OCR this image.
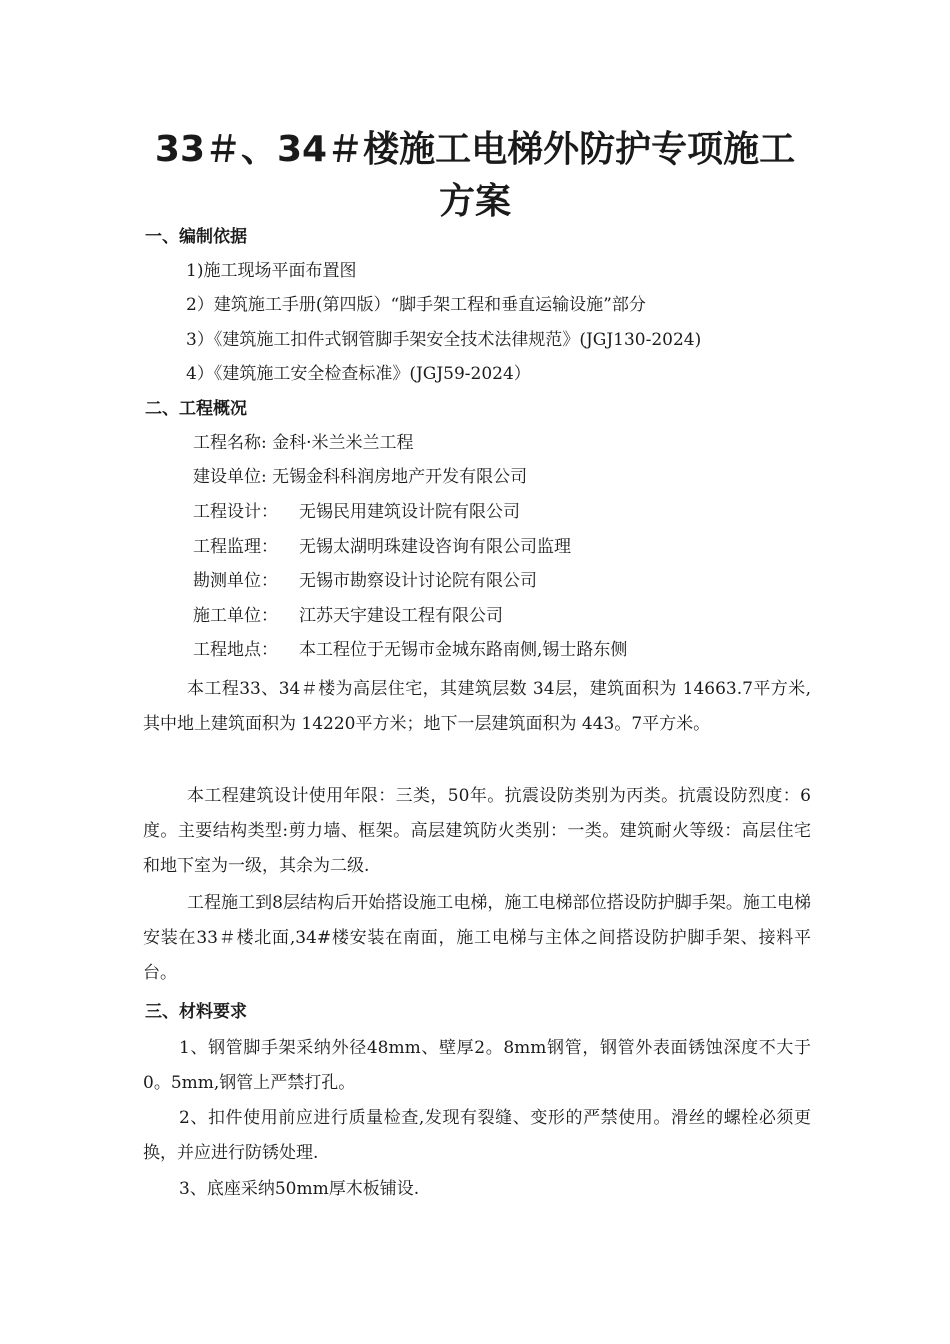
33＃、34＃楼施工电梯外防护专项施工
方案
一、编制依据
1)施工现场平面布置图
2）建筑施工手册(第四版）“脚手架工程和垂直运输设施”部分
3）《建筑施工扣件式钢管脚手架安全技术法律规范》(JGJ130-2024)
4）《建筑施工安全检查标准》(JGJ59-2024）
二、工程概况
工程名称: 金科·米兰米兰工程
建设单位: 无锡金科科润房地产开发有限公司
工程设计： 无锡民用建筑设计院有限公司
工程监理： 无锡太湖明珠建设咨询有限公司监理
勘测单位： 无锡市勘察设计讨论院有限公司
施工单位： 江苏天宇建设工程有限公司
工程地点： 本工程位于无锡市金城东路南侧,锡士路东侧
本工程33、34＃楼为高层住宅，其建筑层数 34层，建筑面积为 14663.7平方米,其中地上建筑面积为 14220平方米；地下一层建筑面积为 443。7平方米。
本工程建筑设计使用年限：三类，50年。抗震设防类别为丙类。抗震设防烈度：6度。主要结构类型:剪力墙、框架。高层建筑防火类别：一类。建筑耐火等级：高层住宅和地下室为一级，其余为二级.
工程施工到8层结构后开始搭设施工电梯，施工电梯部位搭设防护脚手架。施工电梯安装在33＃楼北面,34#楼安装在南面，施工电梯与主体之间搭设防护脚手架、接料平台。
三、材料要求
1、钢管脚手架采纳外径48mm、壁厚2。8mm钢管，钢管外表面锈蚀深度不大于0。5mm,钢管上严禁打孔。
2、扣件使用前应进行质量检查,发现有裂缝、变形的严禁使用。滑丝的螺栓必须更换，并应进行防锈处理.
3、底座采纳50mm厚木板铺设.
